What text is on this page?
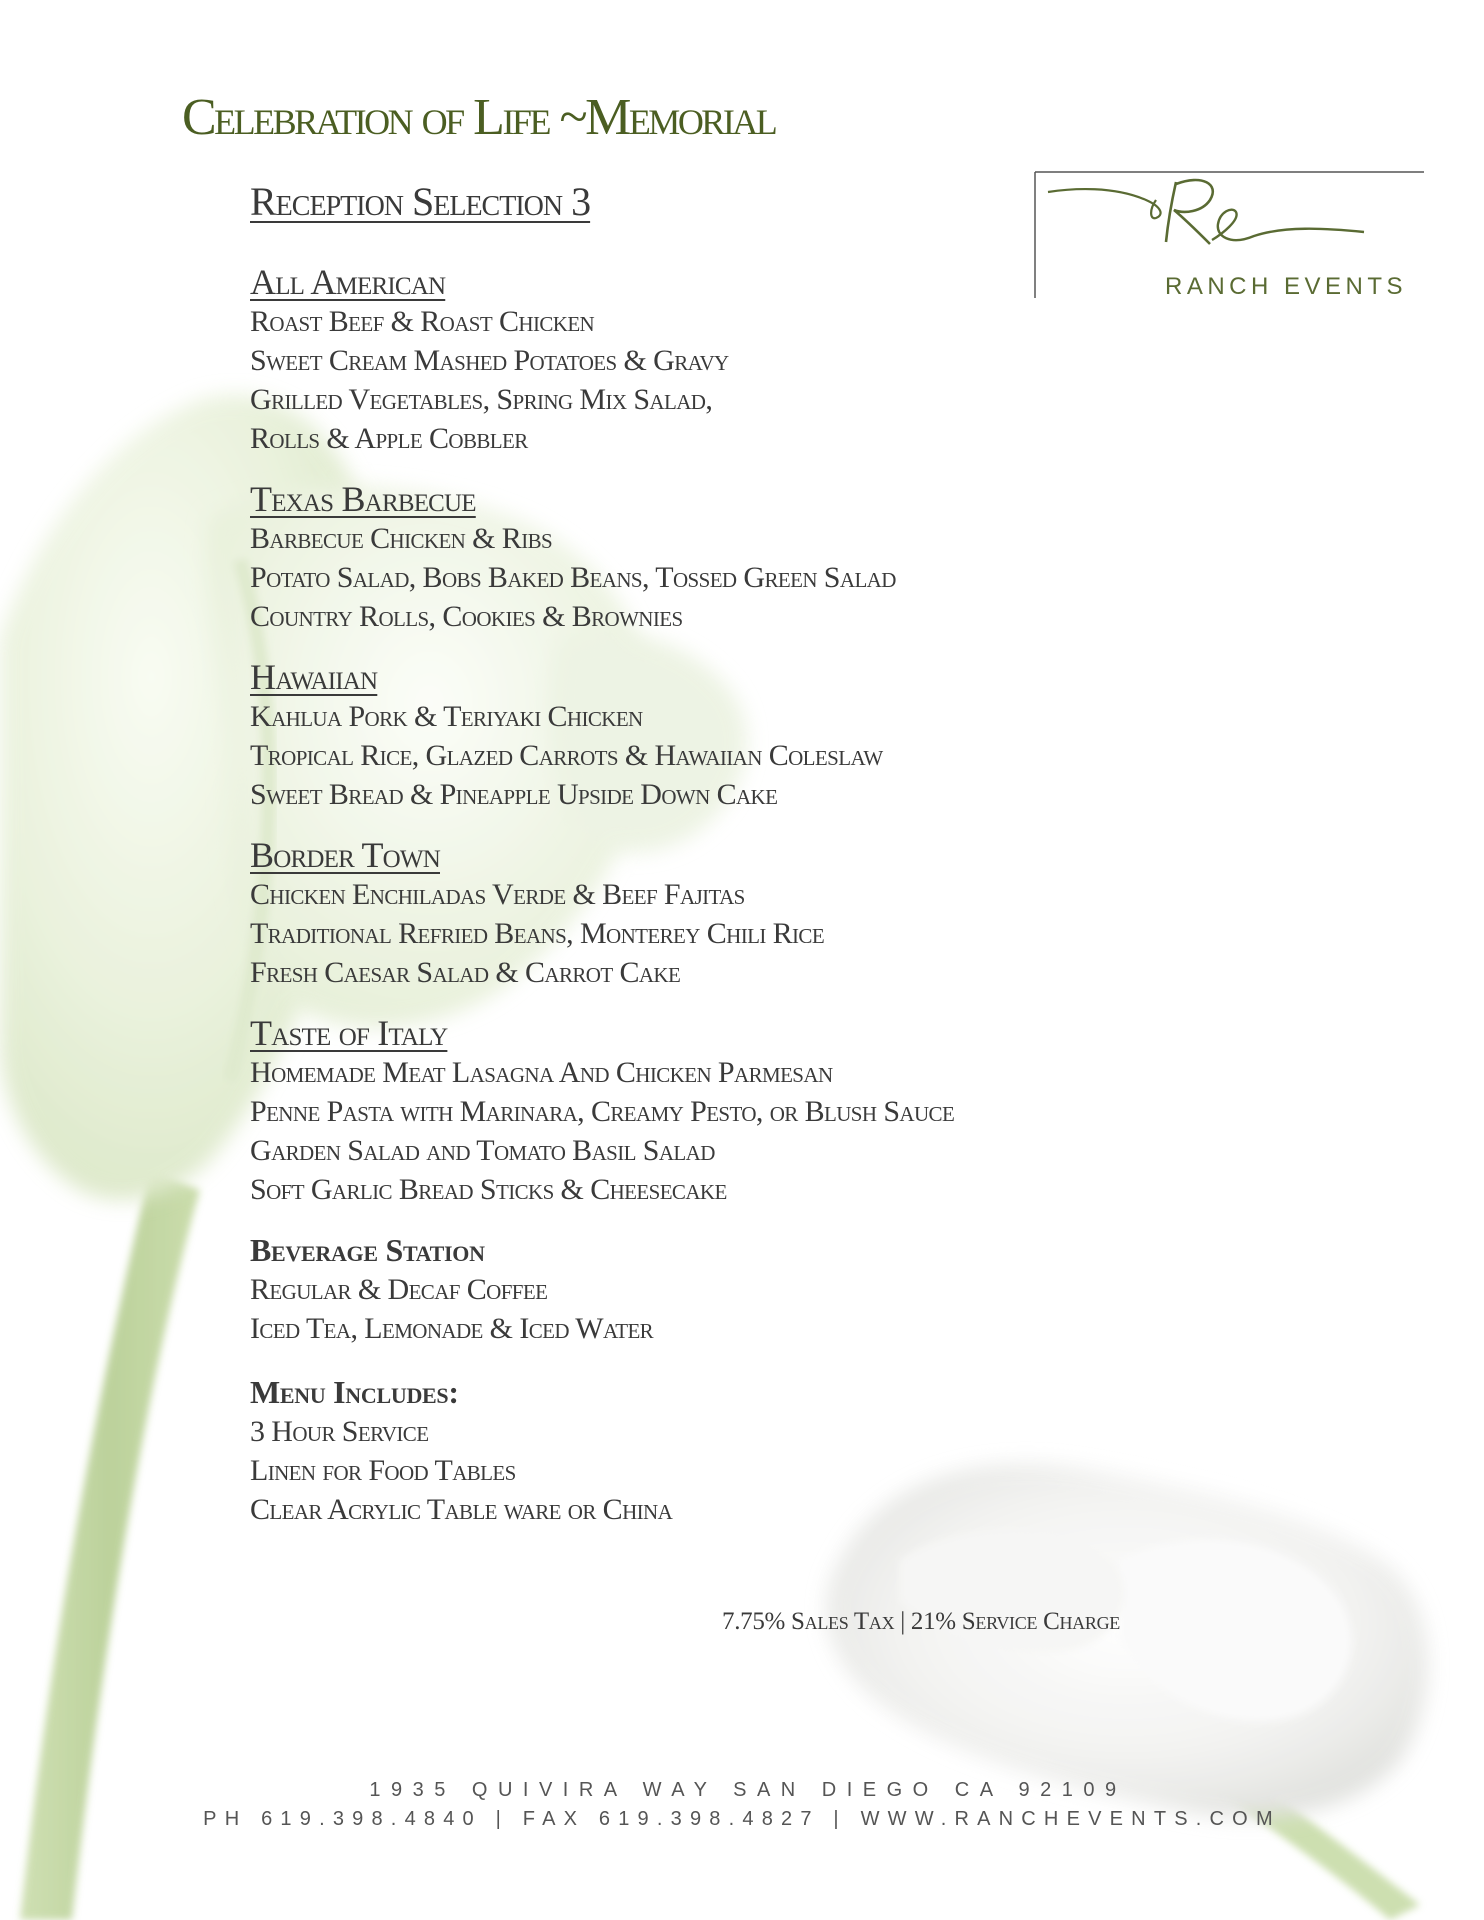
Celebration of Life ~Memorial
Reception Selection 3
RANCH EVENTS
All American
Roast Beef & Roast Chicken
Sweet Cream Mashed Potatoes & Gravy
Grilled Vegetables, Spring Mix Salad,
Rolls & Apple Cobbler
Texas Barbecue
Barbecue Chicken & Ribs
Potato Salad, Bobs Baked Beans, Tossed Green Salad
Country Rolls, Cookies & Brownies
Hawaiian
Kahlua Pork & Teriyaki Chicken
Tropical Rice, Glazed Carrots & Hawaiian Coleslaw
Sweet Bread & Pineapple Upside Down Cake
Border Town
Chicken Enchiladas Verde & Beef Fajitas
Traditional Refried Beans, Monterey Chili Rice
Fresh Caesar Salad & Carrot Cake
Taste of Italy
Homemade Meat Lasagna And Chicken Parmesan
Penne Pasta with Marinara, Creamy Pesto, or Blush Sauce
Garden Salad and Tomato Basil Salad
Soft Garlic Bread Sticks & Cheesecake
Beverage Station
Regular & Decaf Coffee
Iced Tea, Lemonade & Iced Water
Menu Includes:
3 Hour Service
Linen for Food Tables
Clear Acrylic Table ware or China
7.75% Sales Tax | 21% Service Charge
1935 QUIVIRA WAY SAN DIEGO CA 92109
PH 619.398.4840 | FAX 619.398.4827 | WWW.RANCHEVENTS.COM
